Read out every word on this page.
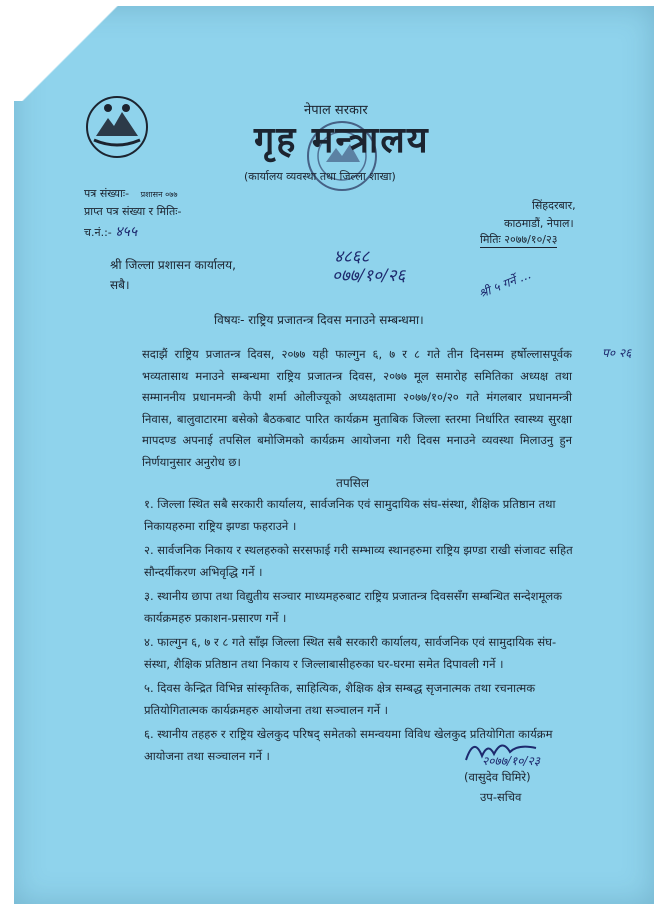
नेपाल सरकार
गृह मन्त्रालय
(कार्यालय व्यवस्था तथा जिल्ला शाखा)
पत्र संख्याः- प्रशासन ०७७
प्राप्त पत्र संख्या र मितिः-
च.नं.:- ४५५
सिंहदरबार,
काठमाडौं, नेपाल।
मितिः २०७७/१०/२३
श्री जिल्ला प्रशासन कार्यालय,
सबै।
४८६८
०७७/१०/२६	श्री ५ गर्ने …
प० २६
विषयः- राष्ट्रिय प्रजातन्त्र दिवस मनाउने सम्बन्धमा।
सदाझैं राष्ट्रिय प्रजातन्त्र दिवस, २०७७ यही फाल्गुन ६, ७ र ८ गते तीन दिनसम्म हर्षोल्लासपूर्वक भव्यतासाथ मनाउने सम्बन्धमा राष्ट्रिय प्रजातन्त्र दिवस, २०७७ मूल समारोह समितिका अध्यक्ष तथा सम्माननीय प्रधानमन्त्री केपी शर्मा ओलीज्यूको अध्यक्षतामा २०७७/१०/२० गते मंगलबार प्रधानमन्त्री निवास, बालुवाटारमा बसेको बैठकबाट पारित कार्यक्रम मुताबिक जिल्ला स्तरमा निर्धारित स्वास्थ्य सुरक्षा मापदण्ड अपनाई तपसिल बमोजिमको कार्यक्रम आयोजना गरी दिवस मनाउने व्यवस्था मिलाउनु हुन निर्णयानुसार अनुरोध छ।
तपसिल
१. जिल्ला स्थित सबै सरकारी कार्यालय, सार्वजनिक एवं सामुदायिक संघ-संस्था, शैक्षिक प्रतिष्ठान तथा निकायहरुमा राष्ट्रिय झण्डा फहराउने ।
२. सार्वजनिक निकाय र स्थलहरुको सरसफाई गरी सम्भाव्य स्थानहरुमा राष्ट्रिय झण्डा राखी संजावट सहित सौन्दर्यीकरण अभिवृद्धि गर्ने ।
३. स्थानीय छापा तथा विद्युतीय सञ्चार माध्यमहरुबाट राष्ट्रिय प्रजातन्त्र दिवससँग सम्बन्धित सन्देशमूलक कार्यक्रमहरु प्रकाशन-प्रसारण गर्ने ।
४. फाल्गुन ६, ७ र ८ गते साँझ जिल्ला स्थित सबै सरकारी कार्यालय, सार्वजनिक एवं सामुदायिक संघ-संस्था, शैक्षिक प्रतिष्ठान तथा निकाय र जिल्लाबासीहरुका घर-घरमा समेत दिपावली गर्ने ।
५. दिवस केन्द्रित विभिन्न सांस्कृतिक, साहित्यिक, शैक्षिक क्षेत्र सम्बद्ध सृजनात्मक तथा रचनात्मक प्रतियोगितात्मक कार्यक्रमहरु आयोजना तथा सञ्चालन गर्ने ।
६. स्थानीय तहहरु र राष्ट्रिय खेलकुद परिषद् समेतको समन्वयमा विविध खेलकुद प्रतियोगिता कार्यक्रम आयोजना तथा सञ्चालन गर्ने ।	२०७७/१०/२३
(वासुदेव घिमिरे)
उप-सचिव
